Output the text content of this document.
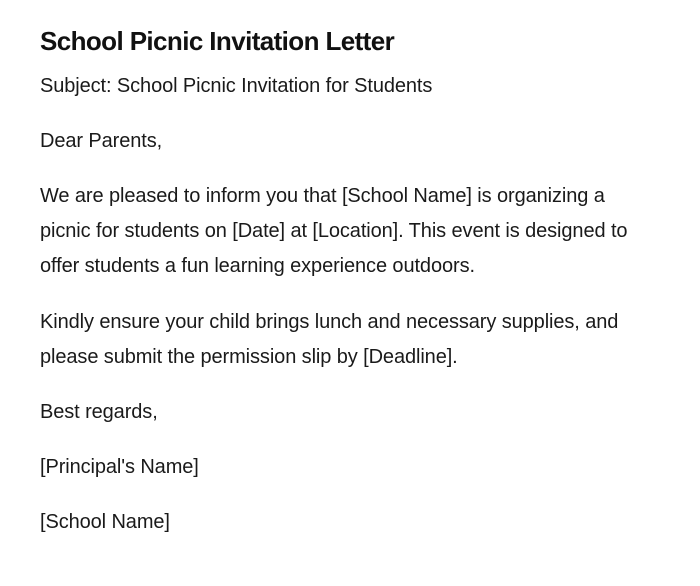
School Picnic Invitation Letter

Subject: School Picnic Invitation for Students

Dear Parents,

We are pleased to inform you that [School Name] is organizing a picnic for students on [Date] at [Location]. This event is designed to offer students a fun learning experience outdoors.

Kindly ensure your child brings lunch and necessary supplies, and please submit the permission slip by [Deadline].

Best regards,

[Principal's Name]

[School Name]
